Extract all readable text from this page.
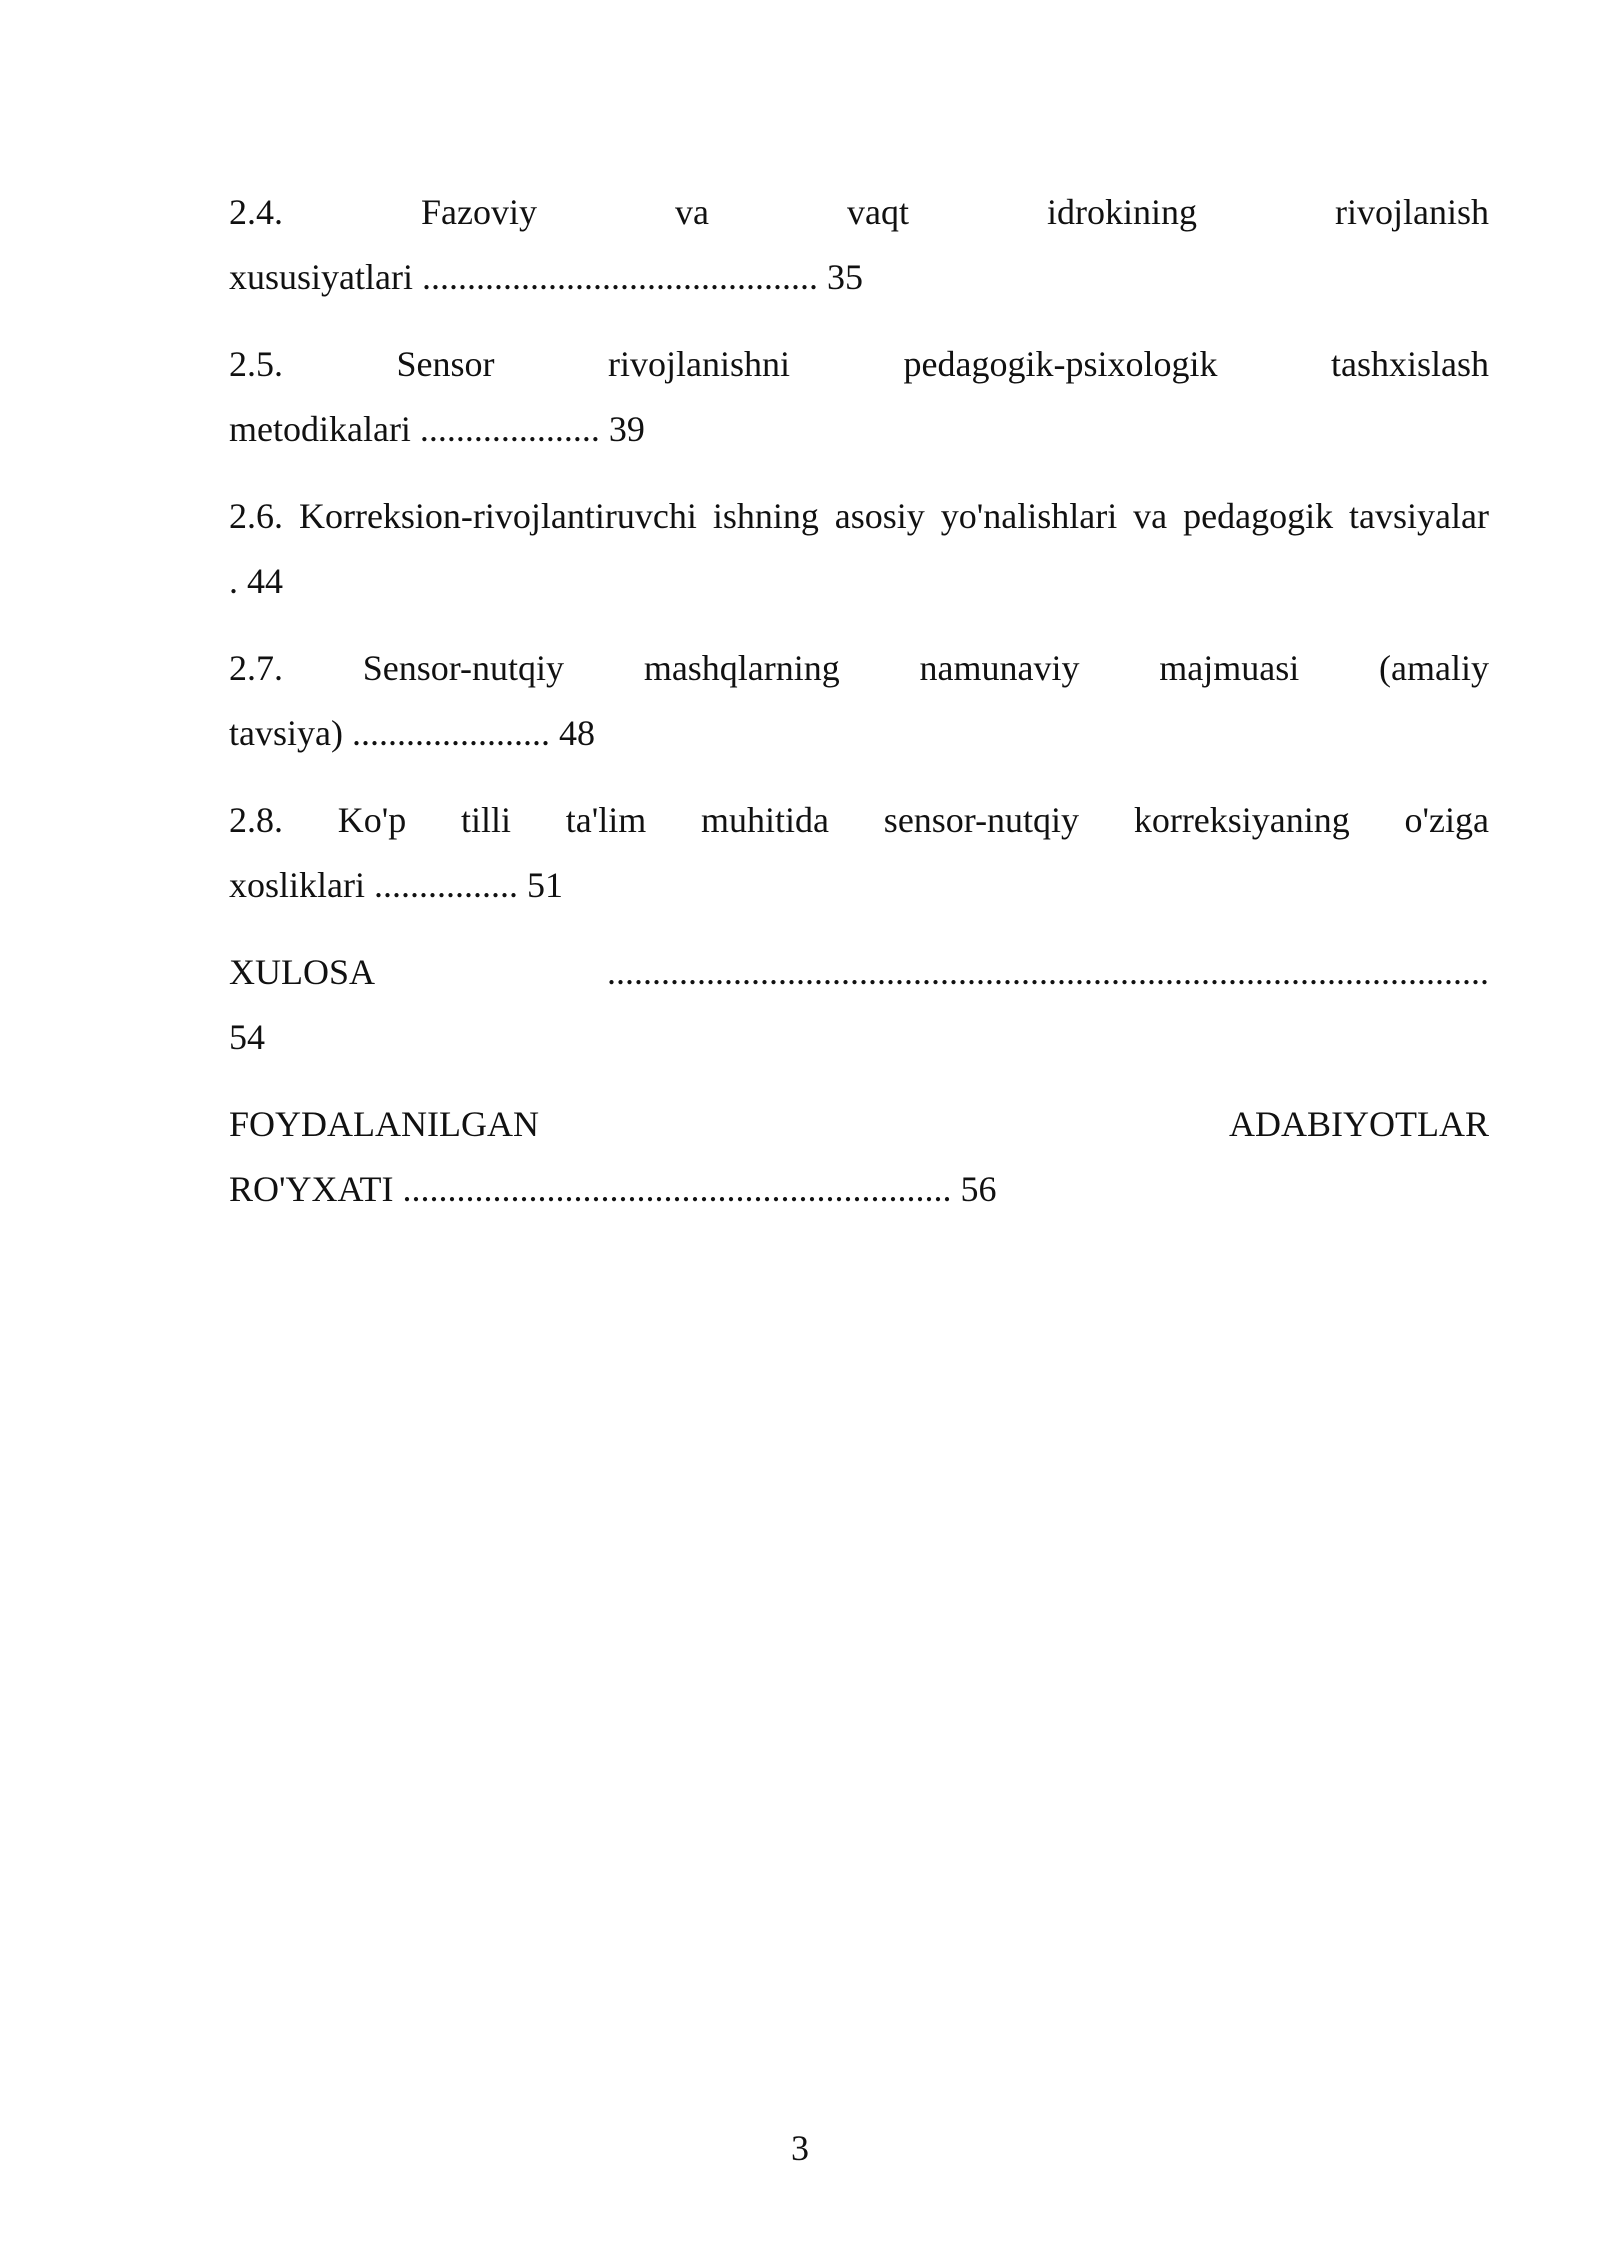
2.4. Fazoviy va vaqt idrokining rivojlanish
xususiyatlari ............................................ 35
2.5. Sensor rivojlanishni pedagogik-psixologik tashxislash
metodikalari .................... 39
2.6. Korreksion-rivojlantiruvchi ishning asosiy yo'nalishlari va pedagogik tavsiyalar
. 44
2.7. Sensor-nutqiy mashqlarning namunaviy majmuasi (amaliy
tavsiya) ...................... 48
2.8. Ko'p tilli ta'lim muhitida sensor-nutqiy korreksiyaning o'ziga
xosliklari ................ 51
XULOSA ..................................................................................................
54
FOYDALANILGAN ADABIYOTLAR
RO'YXATI ............................................................. 56
3
